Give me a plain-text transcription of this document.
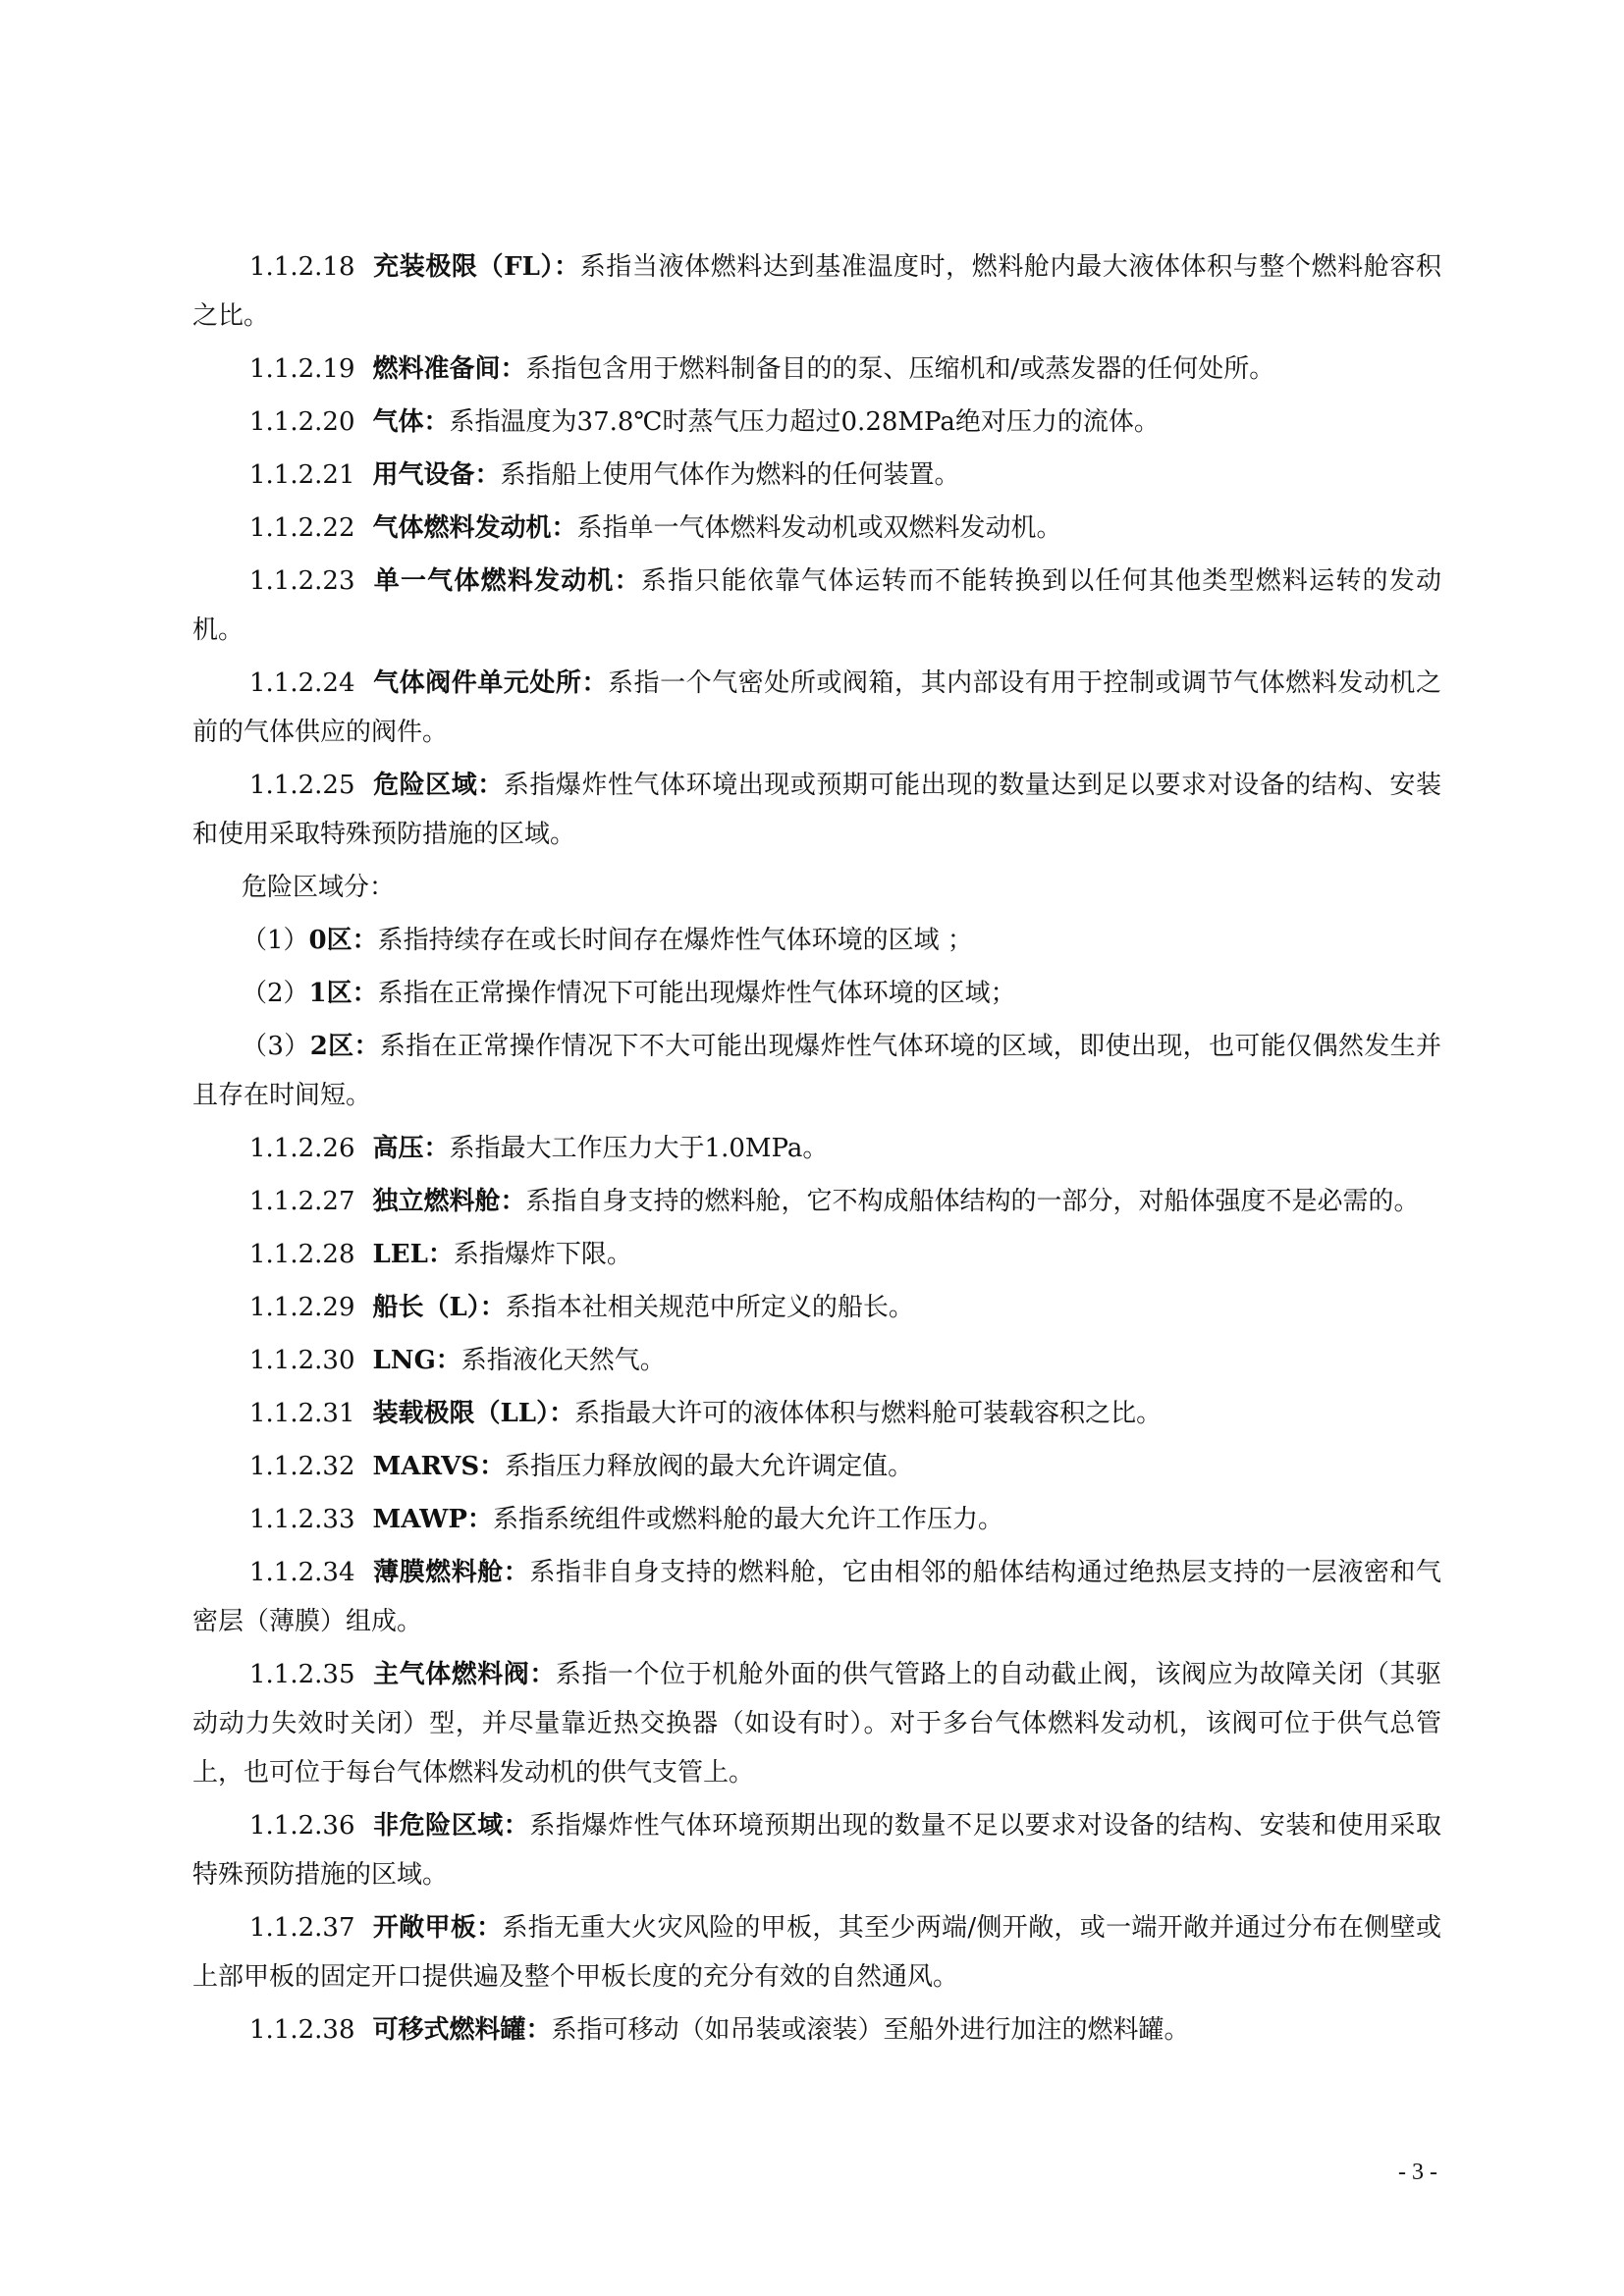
1.1.2.18 充装极限（FL）：系指当液体燃料达到基准温度时，燃料舱内最大液体体积与整个燃料舱容积之比。

1.1.2.19 燃料准备间：系指包含用于燃料制备目的的泵、压缩机和/或蒸发器的任何处所。

1.1.2.20 气体：系指温度为37.8℃时蒸气压力超过0.28MPa绝对压力的流体。

1.1.2.21 用气设备：系指船上使用气体作为燃料的任何装置。

1.1.2.22 气体燃料发动机：系指单一气体燃料发动机或双燃料发动机。

1.1.2.23 单一气体燃料发动机：系指只能依靠气体运转而不能转换到以任何其他类型燃料运转的发动机。

1.1.2.24 气体阀件单元处所：系指一个气密处所或阀箱，其内部设有用于控制或调节气体燃料发动机之前的气体供应的阀件。

1.1.2.25 危险区域：系指爆炸性气体环境出现或预期可能出现的数量达到足以要求对设备的结构、安装和使用采取特殊预防措施的区域。

危险区域分：

（1）0区：系指持续存在或长时间存在爆炸性气体环境的区域 ；

（2）1区：系指在正常操作情况下可能出现爆炸性气体环境的区域；

（3）2区：系指在正常操作情况下不大可能出现爆炸性气体环境的区域，即使出现，也可能仅偶然发生并且存在时间短。

1.1.2.26 高压：系指最大工作压力大于1.0MPa。

1.1.2.27 独立燃料舱：系指自身支持的燃料舱，它不构成船体结构的一部分，对船体强度不是必需的。

1.1.2.28 LEL：系指爆炸下限。

1.1.2.29 船长（L）：系指本社相关规范中所定义的船长。

1.1.2.30 LNG：系指液化天然气。

1.1.2.31 装载极限（LL）：系指最大许可的液体体积与燃料舱可装载容积之比。

1.1.2.32 MARVS：系指压力释放阀的最大允许调定值。

1.1.2.33 MAWP：系指系统组件或燃料舱的最大允许工作压力。

1.1.2.34 薄膜燃料舱：系指非自身支持的燃料舱，它由相邻的船体结构通过绝热层支持的一层液密和气密层（薄膜）组成。

1.1.2.35 主气体燃料阀：系指一个位于机舱外面的供气管路上的自动截止阀，该阀应为故障关闭（其驱动动力失效时关闭）型，并尽量靠近热交换器（如设有时）。对于多台气体燃料发动机，该阀可位于供气总管上，也可位于每台气体燃料发动机的供气支管上。

1.1.2.36 非危险区域：系指爆炸性气体环境预期出现的数量不足以要求对设备的结构、安装和使用采取特殊预防措施的区域。

1.1.2.37 开敞甲板：系指无重大火灾风险的甲板，其至少两端/侧开敞，或一端开敞并通过分布在侧壁或上部甲板的固定开口提供遍及整个甲板长度的充分有效的自然通风。

1.1.2.38 可移式燃料罐：系指可移动（如吊装或滚装）至船外进行加注的燃料罐。

- 3 -
